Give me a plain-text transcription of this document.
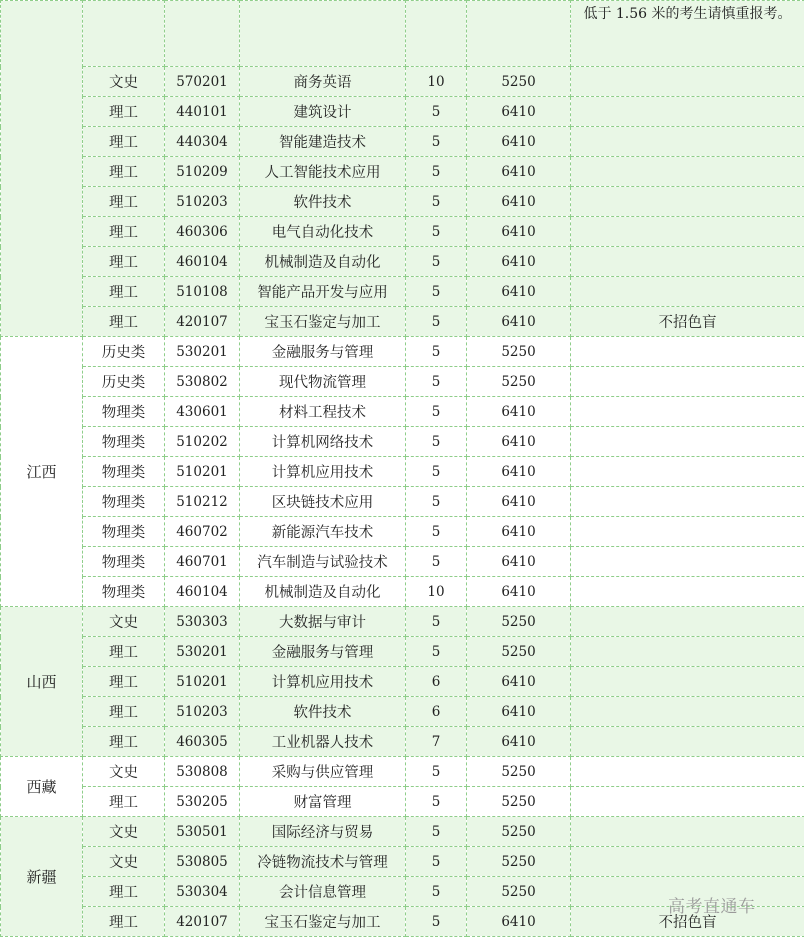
						低于 1.56 米的考生请慎重报考。
	文史	570201	商务英语	10	5250	
	理工	440101	建筑设计	5	6410	
	理工	440304	智能建造技术	5	6410	
	理工	510209	人工智能技术应用	5	6410	
	理工	510203	软件技术	5	6410	
	理工	460306	电气自动化技术	5	6410	
	理工	460104	机械制造及自动化	5	6410	
	理工	510108	智能产品开发与应用	5	6410	
	理工	420107	宝玉石鉴定与加工	5	6410	不招色盲
江西	历史类	530201	金融服务与管理	5	5250	
	历史类	530802	现代物流管理	5	5250	
	物理类	430601	材料工程技术	5	6410	
	物理类	510202	计算机网络技术	5	6410	
	物理类	510201	计算机应用技术	5	6410	
	物理类	510212	区块链技术应用	5	6410	
	物理类	460702	新能源汽车技术	5	6410	
	物理类	460701	汽车制造与试验技术	5	6410	
	物理类	460104	机械制造及自动化	10	6410	
山西	文史	530303	大数据与审计	5	5250	
	理工	530201	金融服务与管理	5	5250	
	理工	510201	计算机应用技术	6	6410	
	理工	510203	软件技术	6	6410	
	理工	460305	工业机器人技术	7	6410	
西藏	文史	530808	采购与供应管理	5	5250	
	理工	530205	财富管理	5	5250	
新疆	文史	530501	国际经济与贸易	5	5250	
	文史	530805	冷链物流技术与管理	5	5250	
	理工	530304	会计信息管理	5	5250	
	理工	420107	宝玉石鉴定与加工	5	6410	不招色盲
高考直通车
